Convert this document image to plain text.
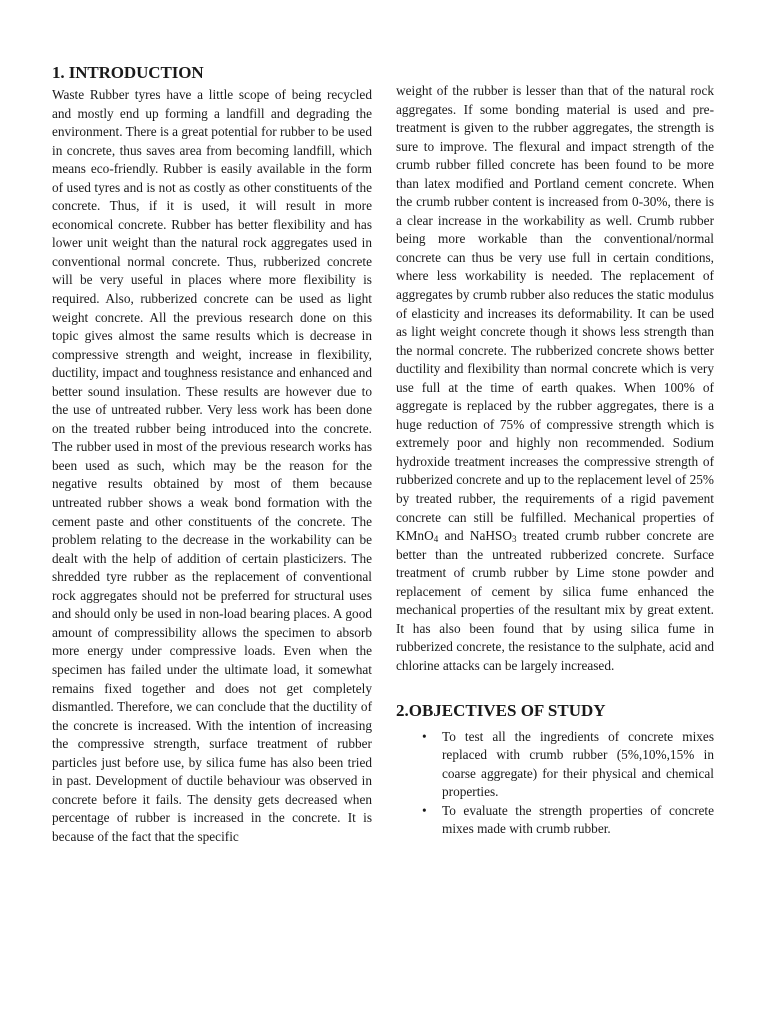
1. INTRODUCTION

Waste Rubber tyres have a little scope of being recycled and mostly end up forming a landfill and degrading the environment. There is a great potential for rubber to be used in concrete, thus saves area from becoming landfill, which means eco-friendly. Rubber is easily available in the form of used tyres and is not as costly as other constituents of the concrete. Thus, if it is used, it will result in more economical concrete. Rubber has better flexibility and has lower unit weight than the natural rock aggregates used in conventional normal concrete. Thus, rubberized concrete will be very useful in places where more flexibility is required. Also, rubberized concrete can be used as light weight concrete. All the previous research done on this topic gives almost the same results which is decrease in compressive strength and weight, increase in flexibility, ductility, impact and toughness resistance and enhanced and better sound insulation. These results are however due to the use of untreated rubber. Very less work has been done on the treated rubber being introduced into the concrete. The rubber used in most of the previous research works has been used as such, which may be the reason for the negative results obtained by most of them because untreated rubber shows a weak bond formation with the cement paste and other constituents of the concrete. The problem relating to the decrease in the workability can be dealt with the help of addition of certain plasticizers. The shredded tyre rubber as the replacement of conventional rock aggregates should not be preferred for structural uses and should only be used in non-load bearing places. A good amount of compressibility allows the specimen to absorb more energy under compressive loads. Even when the specimen has failed under the ultimate load, it somewhat remains fixed together and does not get completely dismantled. Therefore, we can conclude that the ductility of the concrete is increased. With the intention of increasing the compressive strength, surface treatment of rubber particles just before use, by silica fume has also been tried in past. Development of ductile behaviour was observed in concrete before it fails. The density gets decreased when percentage of rubber is increased in the concrete. It is because of the fact that the specific

weight of the rubber is lesser than that of the natural rock aggregates. If some bonding material is used and pre-treatment is given to the rubber aggregates, the strength is sure to improve. The flexural and impact strength of the crumb rubber filled concrete has been found to be more than latex modified and Portland cement concrete. When the crumb rubber content is increased from 0-30%, there is a clear increase in the workability as well. Crumb rubber being more workable than the conventional/normal concrete can thus be very use full in certain conditions, where less workability is needed. The replacement of aggregates by crumb rubber also reduces the static modulus of elasticity and increases its deformability. It can be used as light weight concrete though it shows less strength than the normal concrete. The rubberized concrete shows better ductility and flexibility than normal concrete which is very use full at the time of earth quakes. When 100% of aggregate is replaced by the rubber aggregates, there is a huge reduction of 75% of compressive strength which is extremely poor and highly non recommended. Sodium hydroxide treatment increases the compressive strength of rubberized concrete and up to the replacement level of 25% by treated rubber, the requirements of a rigid pavement concrete can still be fulfilled. Mechanical properties of KMnO$_4$ and NaHSO$_3$ treated crumb rubber concrete are better than the untreated rubberized concrete. Surface treatment of crumb rubber by Lime stone powder and replacement of cement by silica fume enhanced the mechanical properties of the resultant mix by great extent. It has also been found that by using silica fume in rubberized concrete, the resistance to the sulphate, acid and chlorine attacks can be largely increased.

2.OBJECTIVES OF STUDY
• To test all the ingredients of concrete mixes replaced with crumb rubber (5%,10%,15% in coarse aggregate) for their physical and chemical properties.
• To evaluate the strength properties of concrete mixes made with crumb rubber.
